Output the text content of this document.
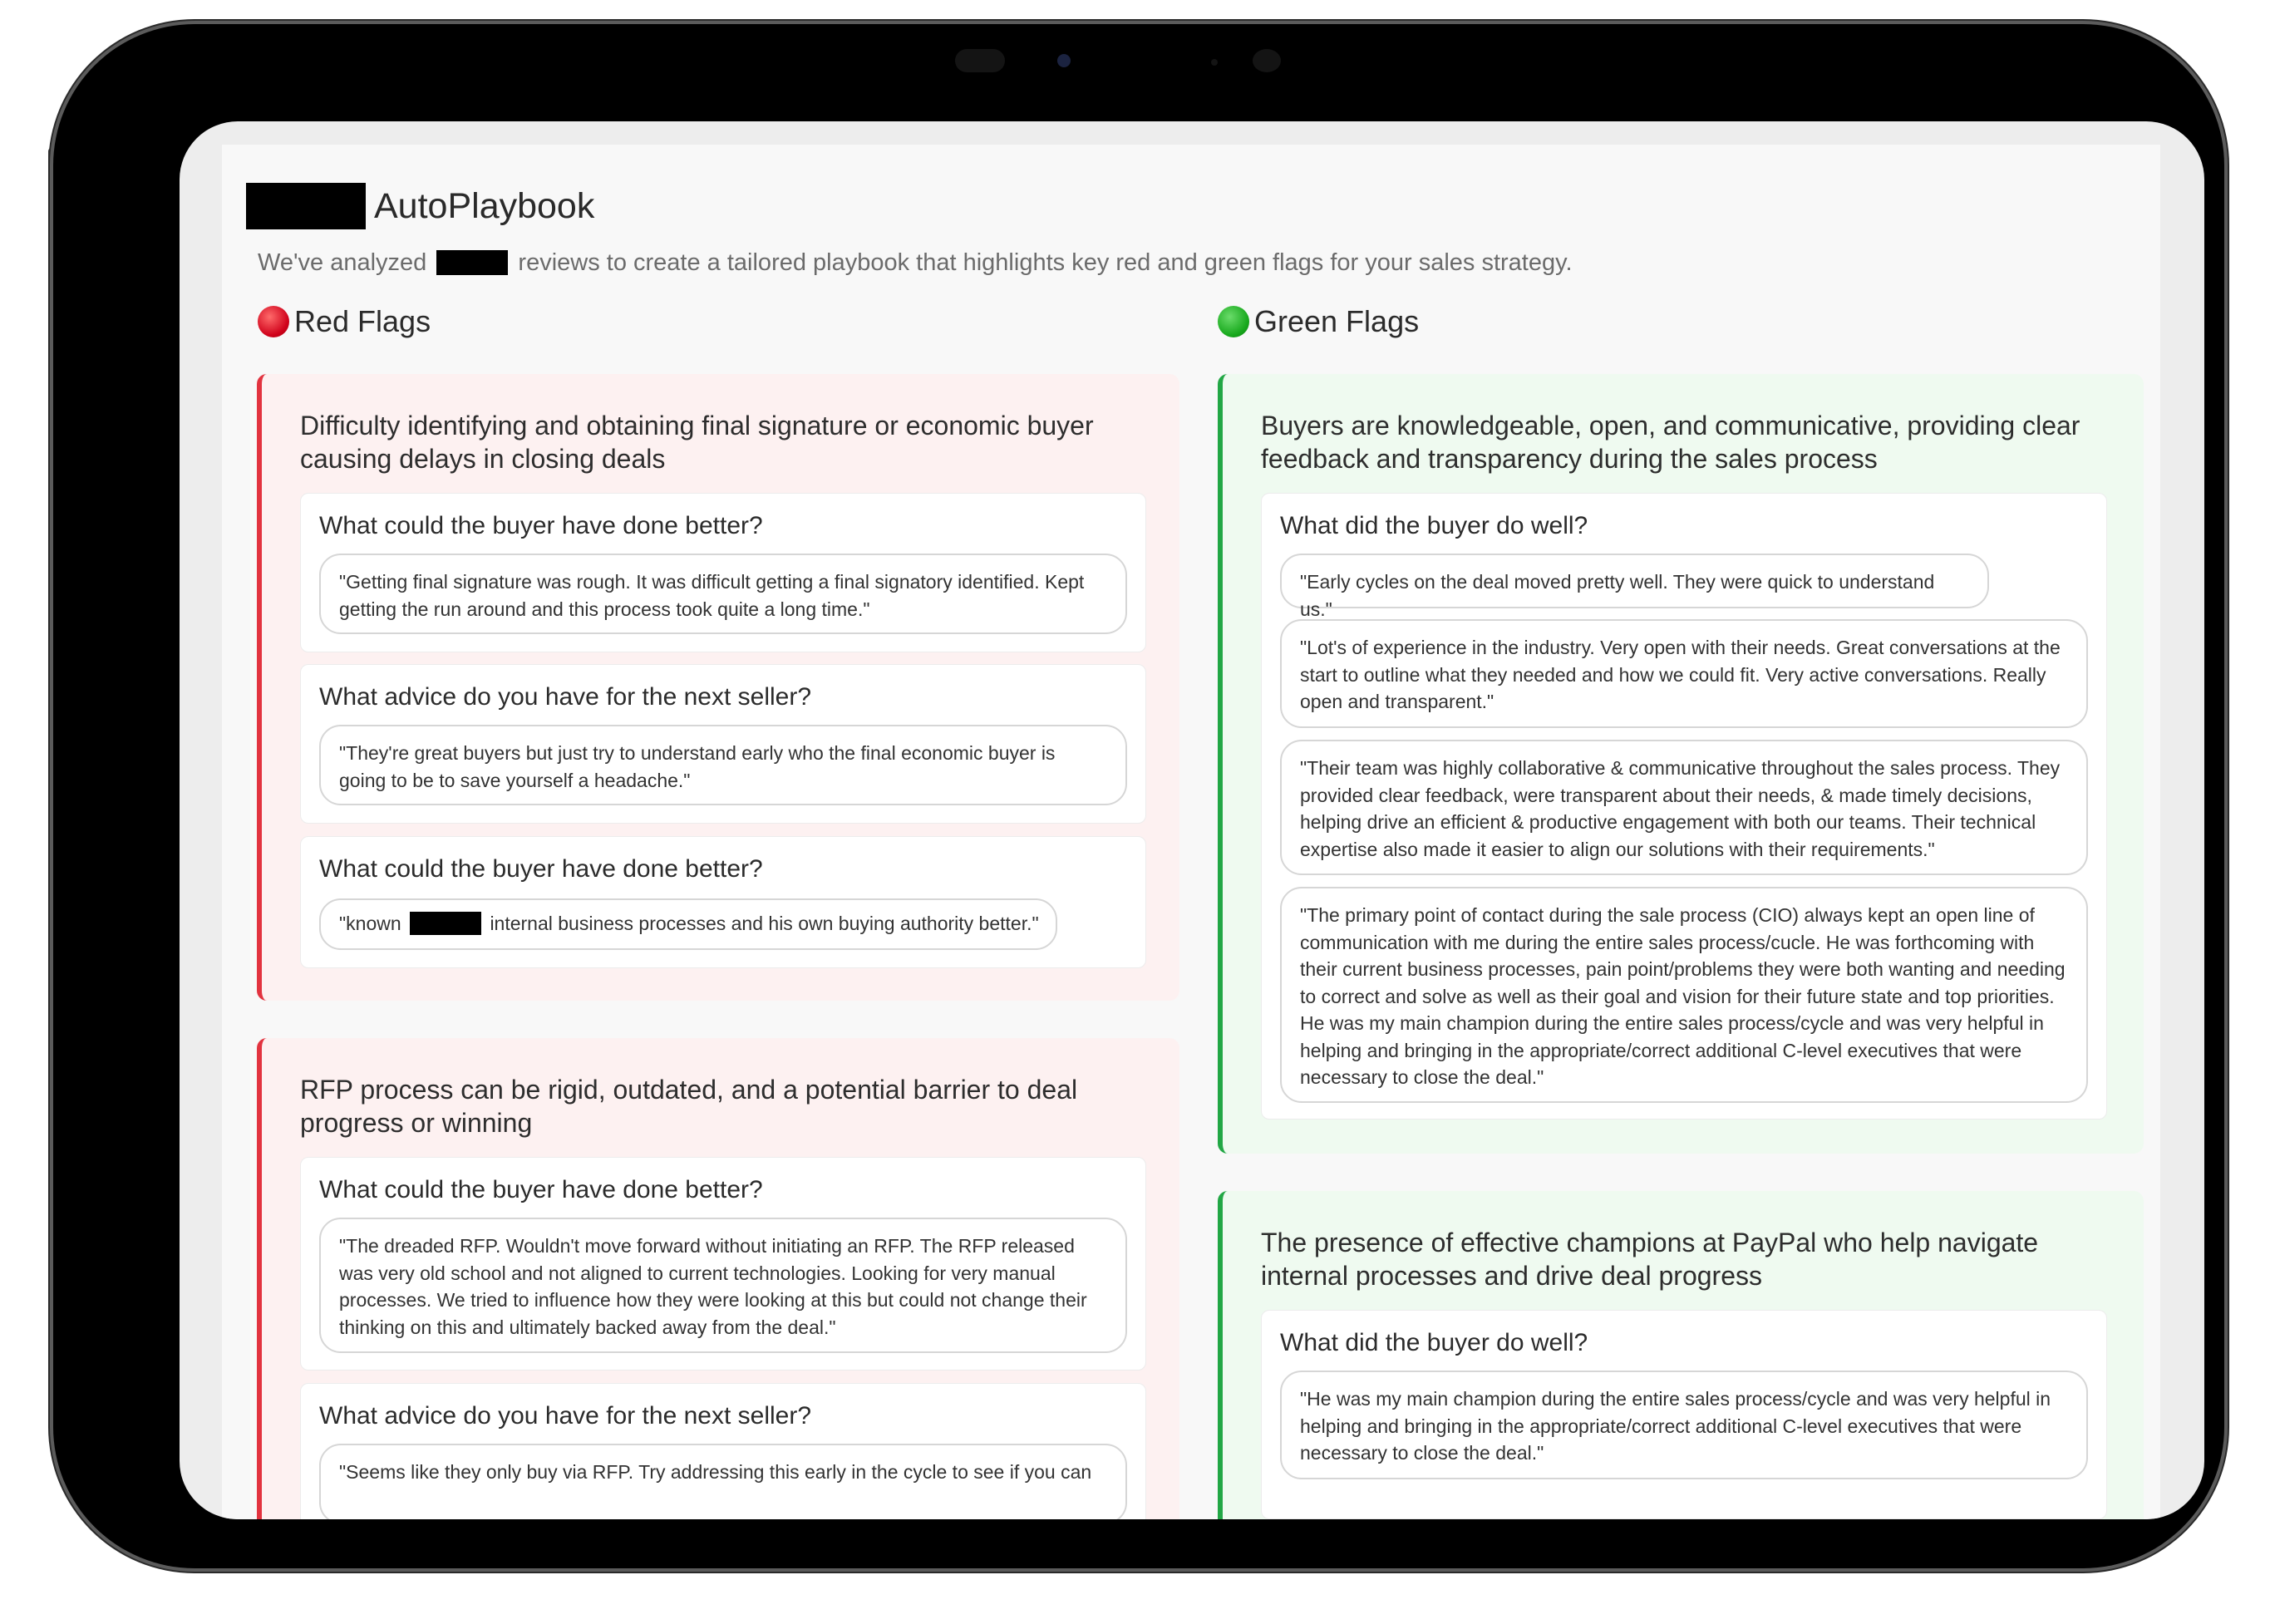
AutoPlaybook
We've analyzed	reviews to create a tailored playbook that highlights key red and green flags for your sales strategy.
Red Flags
Difficulty identifying and obtaining final signature or economic buyer
causing delays in closing deals
What could the buyer have done better?
"Getting final signature was rough. It was difficult getting a final signatory identified. Kept getting the run around and this process took quite a long time."
What advice do you have for the next seller?
"They're great buyers but just try to understand early who the final economic buyer is going to be to save yourself a headache."
What could the buyer have done better?
"known	internal business processes and his own buying authority better."
RFP process can be rigid, outdated, and a potential barrier to deal
progress or winning
What could the buyer have done better?
"The dreaded RFP. Wouldn't move forward without initiating an RFP. The RFP released was very old school and not aligned to current technologies. Looking for very manual processes. We tried to influence how they were looking at this but could not change their thinking on this and ultimately backed away from the deal."
What advice do you have for the next seller?
"Seems like they only buy via RFP. Try addressing this early in the cycle to see if you can
Green Flags
Buyers are knowledgeable, open, and communicative, providing clear
feedback and transparency during the sales process
What did the buyer do well?
"Early cycles on the deal moved pretty well. They were quick to understand us."
"Lot's of experience in the industry. Very open with their needs. Great conversations at the start to outline what they needed and how we could fit. Very active conversations. Really open and transparent."
"Their team was highly collaborative & communicative throughout the sales process. They provided clear feedback, were transparent about their needs, & made timely decisions, helping drive an efficient & productive engagement with both our teams. Their technical expertise also made it easier to align our solutions with their requirements."
"The primary point of contact during the sale process (CIO) always kept an open line of communication with me during the entire sales process/cucle. He was forthcoming with their current business processes, pain point/problems they were both wanting and needing to correct and solve as well as their goal and vision for their future state and top priorities. He was my main champion during the entire sales process/cycle and was very helpful in helping and bringing in the appropriate/correct additional C-level executives that were necessary to close the deal."
The presence of effective champions at PayPal who help navigate
internal processes and drive deal progress
What did the buyer do well?
"He was my main champion during the entire sales process/cycle and was very helpful in helping and bringing in the appropriate/correct additional C-level executives that were necessary to close the deal."
